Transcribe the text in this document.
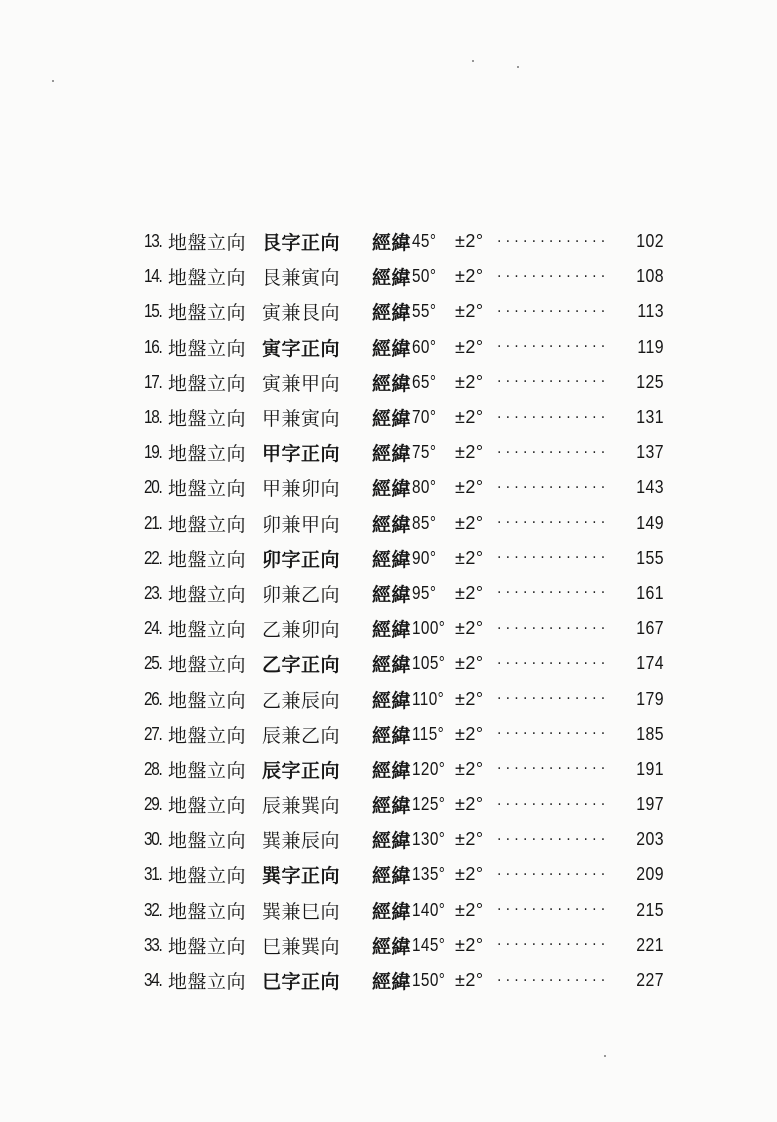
13. 地盤立向 艮字正向	經緯 45° ±2° ·············	102
14. 地盤立向 艮兼寅向	經緯 50° ±2° ·············	108
15. 地盤立向 寅兼艮向	經緯 55° ±2° ·············	113
16. 地盤立向 寅字正向	經緯 60° ±2° ·············	119
17. 地盤立向 寅兼甲向	經緯 65° ±2° ·············	125
18. 地盤立向 甲兼寅向	經緯 70° ±2° ·············	131
19. 地盤立向 甲字正向	經緯 75° ±2° ·············	137
20. 地盤立向 甲兼卯向	經緯 80° ±2° ·············	143
21. 地盤立向 卯兼甲向	經緯 85° ±2° ·············	149
22. 地盤立向 卯字正向	經緯 90° ±2° ·············	155
23. 地盤立向 卯兼乙向	經緯 95° ±2° ·············	161
24. 地盤立向 乙兼卯向	經緯 100° ±2° ·············	167
25. 地盤立向 乙字正向	經緯 105° ±2° ·············	174
26. 地盤立向 乙兼辰向	經緯 110° ±2° ·············	179
27. 地盤立向 辰兼乙向	經緯 115° ±2° ·············	185
28. 地盤立向 辰字正向	經緯 120° ±2° ·············	191
29. 地盤立向 辰兼巽向	經緯 125° ±2° ·············	197
30. 地盤立向 巽兼辰向	經緯 130° ±2° ·············	203
31. 地盤立向 巽字正向	經緯 135° ±2° ·············	209
32. 地盤立向 巽兼巳向	經緯 140° ±2° ·············	215
33. 地盤立向 巳兼巽向	經緯 145° ±2° ·············	221
34. 地盤立向 巳字正向	經緯 150° ±2° ·············	227
